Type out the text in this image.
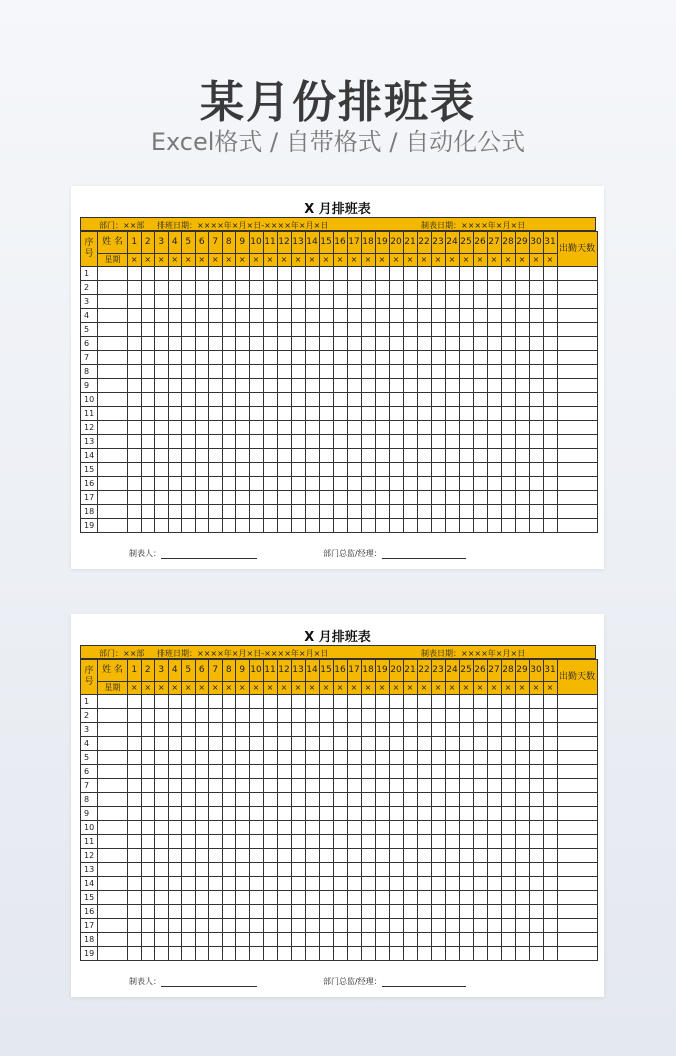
某月份排班表
Excel格式 / 自带格式 / 自动化公式
X 月排班表
部门：××部 排班日期：××××年×月×日-××××年×月×日	制表日期：××××年×月×日
序号	姓 名	1	2	3	4	5	6	7	8	9	10	11	12	13	14	15	16	17	18	19	20	21	22	23	24	25	26	27	28	29	30	31	出勤天数
	星期	×	×	×	×	×	×	×	×	×	×	×	×	×	×	×	×	×	×	×	×	×	×	×	×	×	×	×	×	×	×	×	
1																																	
2																																	
3																																	
4																																	
5																																	
6																																	
7																																	
8																																	
9																																	
10																																	
11																																	
12																																	
13																																	
14																																	
15																																	
16																																	
17																																	
18																																	
19																																	
制表人：	部门总监/经理：
X 月排班表
部门：××部 排班日期：××××年×月×日-××××年×月×日	制表日期：××××年×月×日
序号	姓 名	1	2	3	4	5	6	7	8	9	10	11	12	13	14	15	16	17	18	19	20	21	22	23	24	25	26	27	28	29	30	31	出勤天数
	星期	×	×	×	×	×	×	×	×	×	×	×	×	×	×	×	×	×	×	×	×	×	×	×	×	×	×	×	×	×	×	×	
1																																	
2																																	
3																																	
4																																	
5																																	
6																																	
7																																	
8																																	
9																																	
10																																	
11																																	
12																																	
13																																	
14																																	
15																																	
16																																	
17																																	
18																																	
19																																	
制表人：	部门总监/经理：
